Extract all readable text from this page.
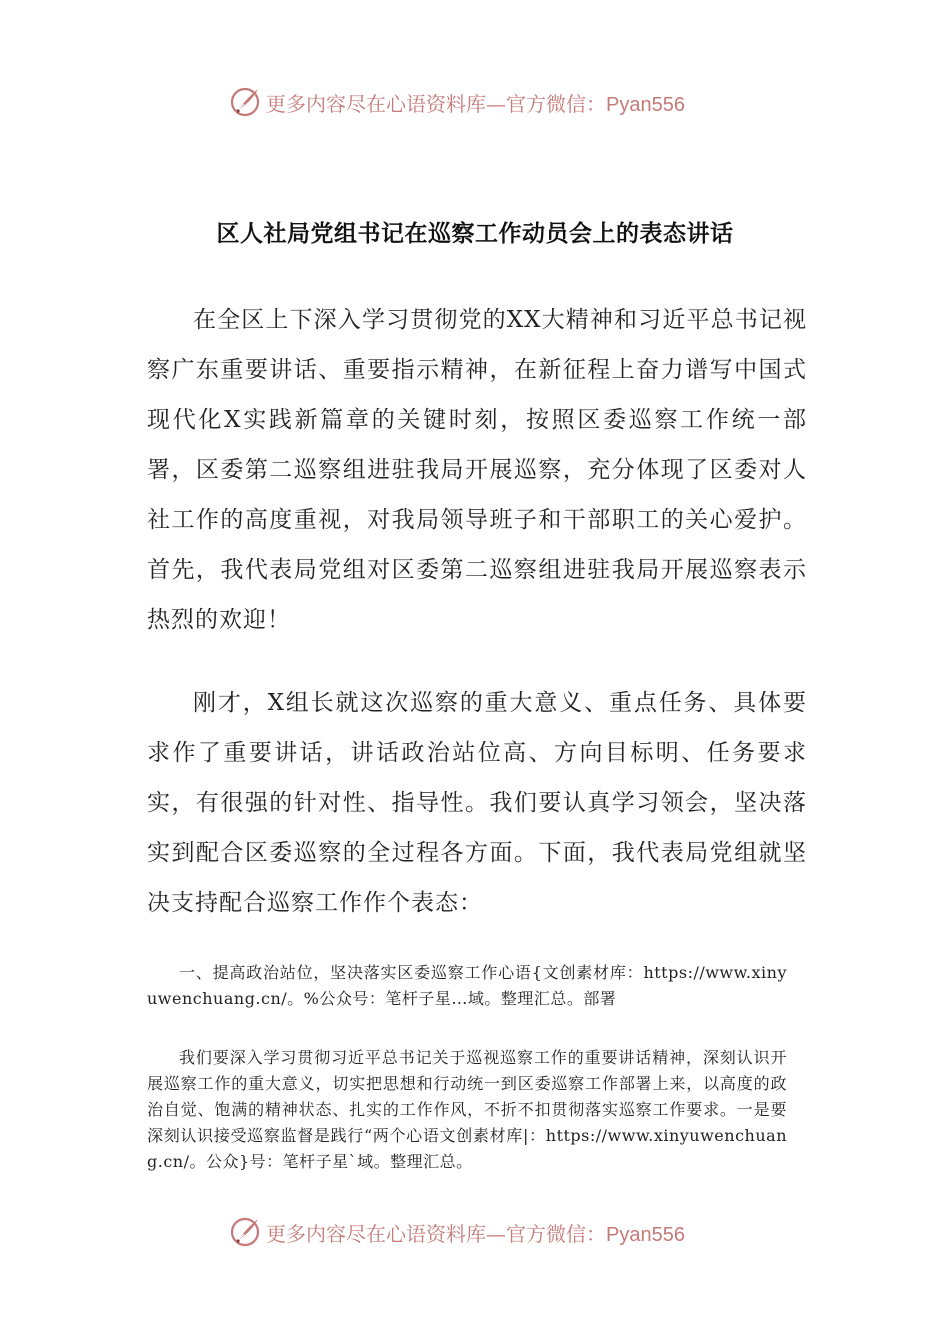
更多内容尽在心语资料库—官方微信：Pyan556
区人社局党组书记在巡察工作动员会上的表态讲话

在全区上下深入学习贯彻党的XX大精神和习近平总书记视察广东重要讲话、重要指示精神，在新征程上奋力谱写中国式现代化X实践新篇章的关键时刻，按照区委巡察工作统一部署，区委第二巡察组进驻我局开展巡察，充分体现了区委对人社工作的高度重视，对我局领导班子和干部职工的关心爱护。首先，我代表局党组对区委第二巡察组进驻我局开展巡察表示热烈的欢迎！

刚才，X组长就这次巡察的重大意义、重点任务、具体要求作了重要讲话，讲话政治站位高、方向目标明、任务要求实，有很强的针对性、指导性。我们要认真学习领会，坚决落实到配合区委巡察的全过程各方面。下面，我代表局党组就坚决支持配合巡察工作作个表态：

一、提高政治站位，坚决落实区委巡察工作心语{文创素材库：https://www.xinyuwenchuang.cn/。%公众号：笔杆子星…域。整理汇总。部署

我们要深入学习贯彻习近平总书记关于巡视巡察工作的重要讲话精神，深刻认识开展巡察工作的重大意义，切实把思想和行动统一到区委巡察工作部署上来，以高度的政治自觉、饱满的精神状态、扎实的工作作风，不折不扣贯彻落实巡察工作要求。一是要深刻认识接受巡察监督是践行“两个心语文创素材库|：https://www.xinyuwenchuang.cn/。公众}号：笔杆子星`域。整理汇总。

更多内容尽在心语资料库—官方微信：Pyan556
